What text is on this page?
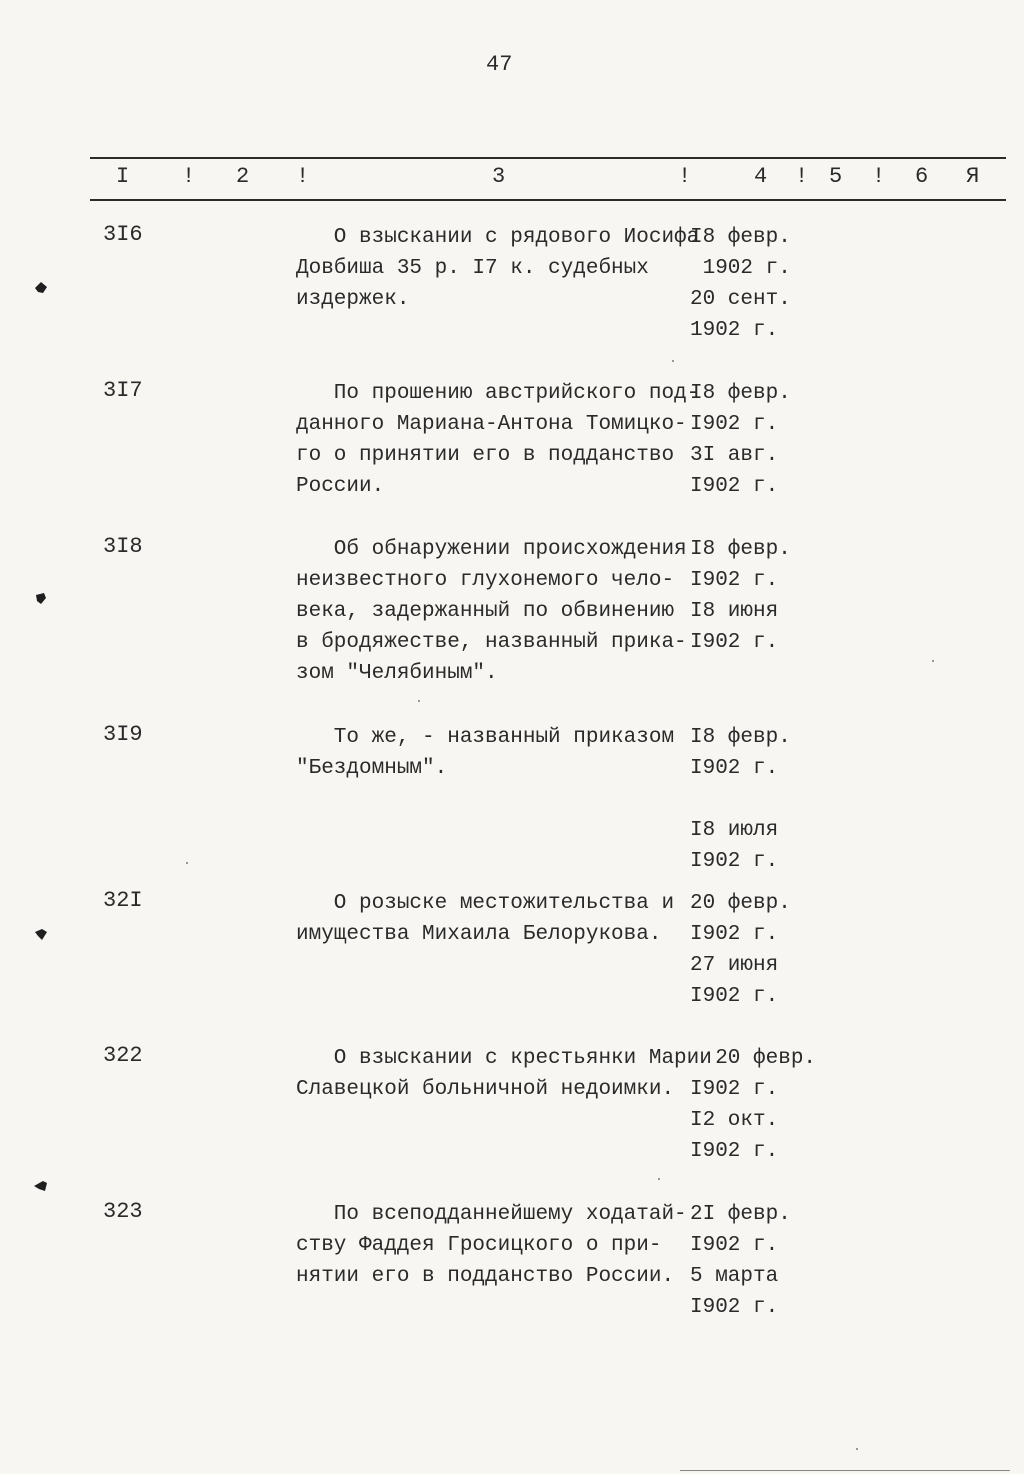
47
I ! 2 !	3	!	4 ! 5 ! 6 Я
3I6	О взыскании с рядового Иосифа
Довбиша 35 р. I7 к. судебных
издержек.
I8 февр.
1902 г.
20 сент.
1902 г.
3I7	По прошению австрийского под-
данного Мариана-Антона Томицко-
го о принятии его в подданство
России.
I8 февр.
I902 г.
3I авг.
I902 г.
3I8	Об обнаружении происхождения
неизвестного глухонемого чело-
века, задержанный по обвинению
в бродяжестве, названный прика-
зом "Челябиным".
I8 февр.
I902 г.
I8 июня
I902 г.
3I9	То же, - названный приказом
"Бездомным".
I8 февр.
I902 г.

I8 июля
I902 г.
32I	О розыске местожительства и
имущества Михаила Белорукова.
20 февр.
I902 г.
27 июня
I902 г.
322	О взыскании с крестьянки Марии
Славецкой больничной недоимки.
20 февр.
I902 г.
I2 окт.
I902 г.
323	По всеподданнейшему ходатай-
ству Фаддея Гросицкого о при-
нятии его в подданство России.
2I февр.
I902 г.
5 марта
I902 г.
